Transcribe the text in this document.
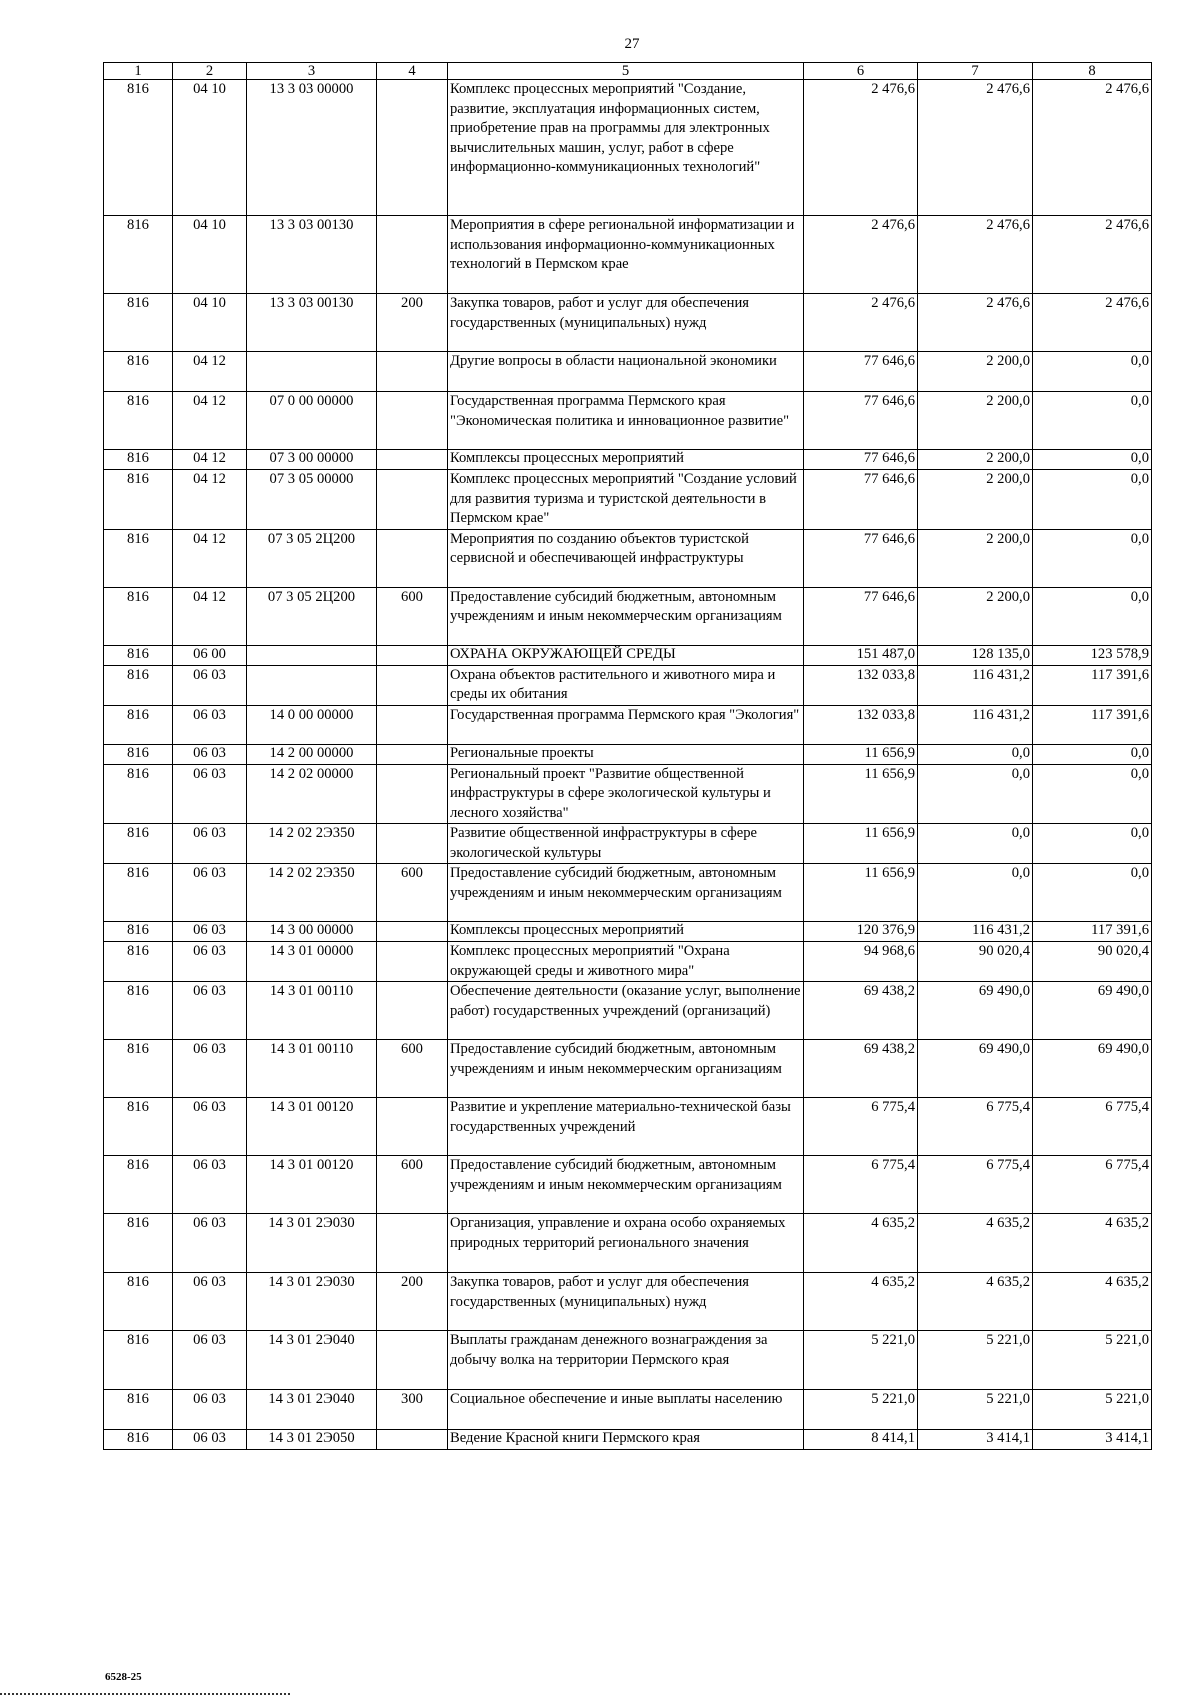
27
1	2	3	4	5	6	7	8
816	04 10	13 3 03 00000		Комплекс процессных мероприятий "Создание, развитие, эксплуатация информационных систем, приобретение прав на программы для электронных вычислительных машин, услуг, работ в сфере информационно-коммуникационных технологий"	2 476,6	2 476,6	2 476,6
816	04 10	13 3 03 00130		Мероприятия в сфере региональной информатизации и использования информационно-коммуникационных технологий в Пермском крае	2 476,6	2 476,6	2 476,6
816	04 10	13 3 03 00130	200	Закупка товаров, работ и услуг для обеспечения государственных (муниципальных) нужд	2 476,6	2 476,6	2 476,6
816	04 12			Другие вопросы в области национальной экономики	77 646,6	2 200,0	0,0
816	04 12	07 0 00 00000		Государственная программа Пермского края "Экономическая политика и инновационное развитие"	77 646,6	2 200,0	0,0
816	04 12	07 3 00 00000		Комплексы процессных мероприятий	77 646,6	2 200,0	0,0
816	04 12	07 3 05 00000		Комплекс процессных мероприятий "Создание условий для развития туризма и туристской деятельности в Пермском крае"	77 646,6	2 200,0	0,0
816	04 12	07 3 05 2Ц200		Мероприятия по созданию объектов туристской сервисной и обеспечивающей инфраструктуры	77 646,6	2 200,0	0,0
816	04 12	07 3 05 2Ц200	600	Предоставление субсидий бюджетным, автономным учреждениям и иным некоммерческим организациям	77 646,6	2 200,0	0,0
816	06 00			ОХРАНА ОКРУЖАЮЩЕЙ СРЕДЫ	151 487,0	128 135,0	123 578,9
816	06 03			Охрана объектов растительного и животного мира и среды их обитания	132 033,8	116 431,2	117 391,6
816	06 03	14 0 00 00000		Государственная программа Пермского края "Экология"	132 033,8	116 431,2	117 391,6
816	06 03	14 2 00 00000		Региональные проекты	11 656,9	0,0	0,0
816	06 03	14 2 02 00000		Региональный проект "Развитие общественной инфраструктуры в сфере экологической культуры и лесного хозяйства"	11 656,9	0,0	0,0
816	06 03	14 2 02 2Э350		Развитие общественной инфраструктуры в сфере экологической культуры	11 656,9	0,0	0,0
816	06 03	14 2 02 2Э350	600	Предоставление субсидий бюджетным, автономным учреждениям и иным некоммерческим организациям	11 656,9	0,0	0,0
816	06 03	14 3 00 00000		Комплексы процессных мероприятий	120 376,9	116 431,2	117 391,6
816	06 03	14 3 01 00000		Комплекс процессных мероприятий "Охрана окружающей среды и животного мира"	94 968,6	90 020,4	90 020,4
816	06 03	14 3 01 00110		Обеспечение деятельности (оказание услуг, выполнение работ) государственных учреждений (организаций)	69 438,2	69 490,0	69 490,0
816	06 03	14 3 01 00110	600	Предоставление субсидий бюджетным, автономным учреждениям и иным некоммерческим организациям	69 438,2	69 490,0	69 490,0
816	06 03	14 3 01 00120		Развитие и укрепление материально-технической базы государственных учреждений	6 775,4	6 775,4	6 775,4
816	06 03	14 3 01 00120	600	Предоставление субсидий бюджетным, автономным учреждениям и иным некоммерческим организациям	6 775,4	6 775,4	6 775,4
816	06 03	14 3 01 2Э030		Организация, управление и охрана особо охраняемых природных территорий регионального значения	4 635,2	4 635,2	4 635,2
816	06 03	14 3 01 2Э030	200	Закупка товаров, работ и услуг для обеспечения государственных (муниципальных) нужд	4 635,2	4 635,2	4 635,2
816	06 03	14 3 01 2Э040		Выплаты гражданам денежного вознаграждения за добычу волка на территории Пермского края	5 221,0	5 221,0	5 221,0
816	06 03	14 3 01 2Э040	300	Социальное обеспечение и иные выплаты населению	5 221,0	5 221,0	5 221,0
816	06 03	14 3 01 2Э050		Ведение Красной книги Пермского края	8 414,1	3 414,1	3 414,1
6528-25
